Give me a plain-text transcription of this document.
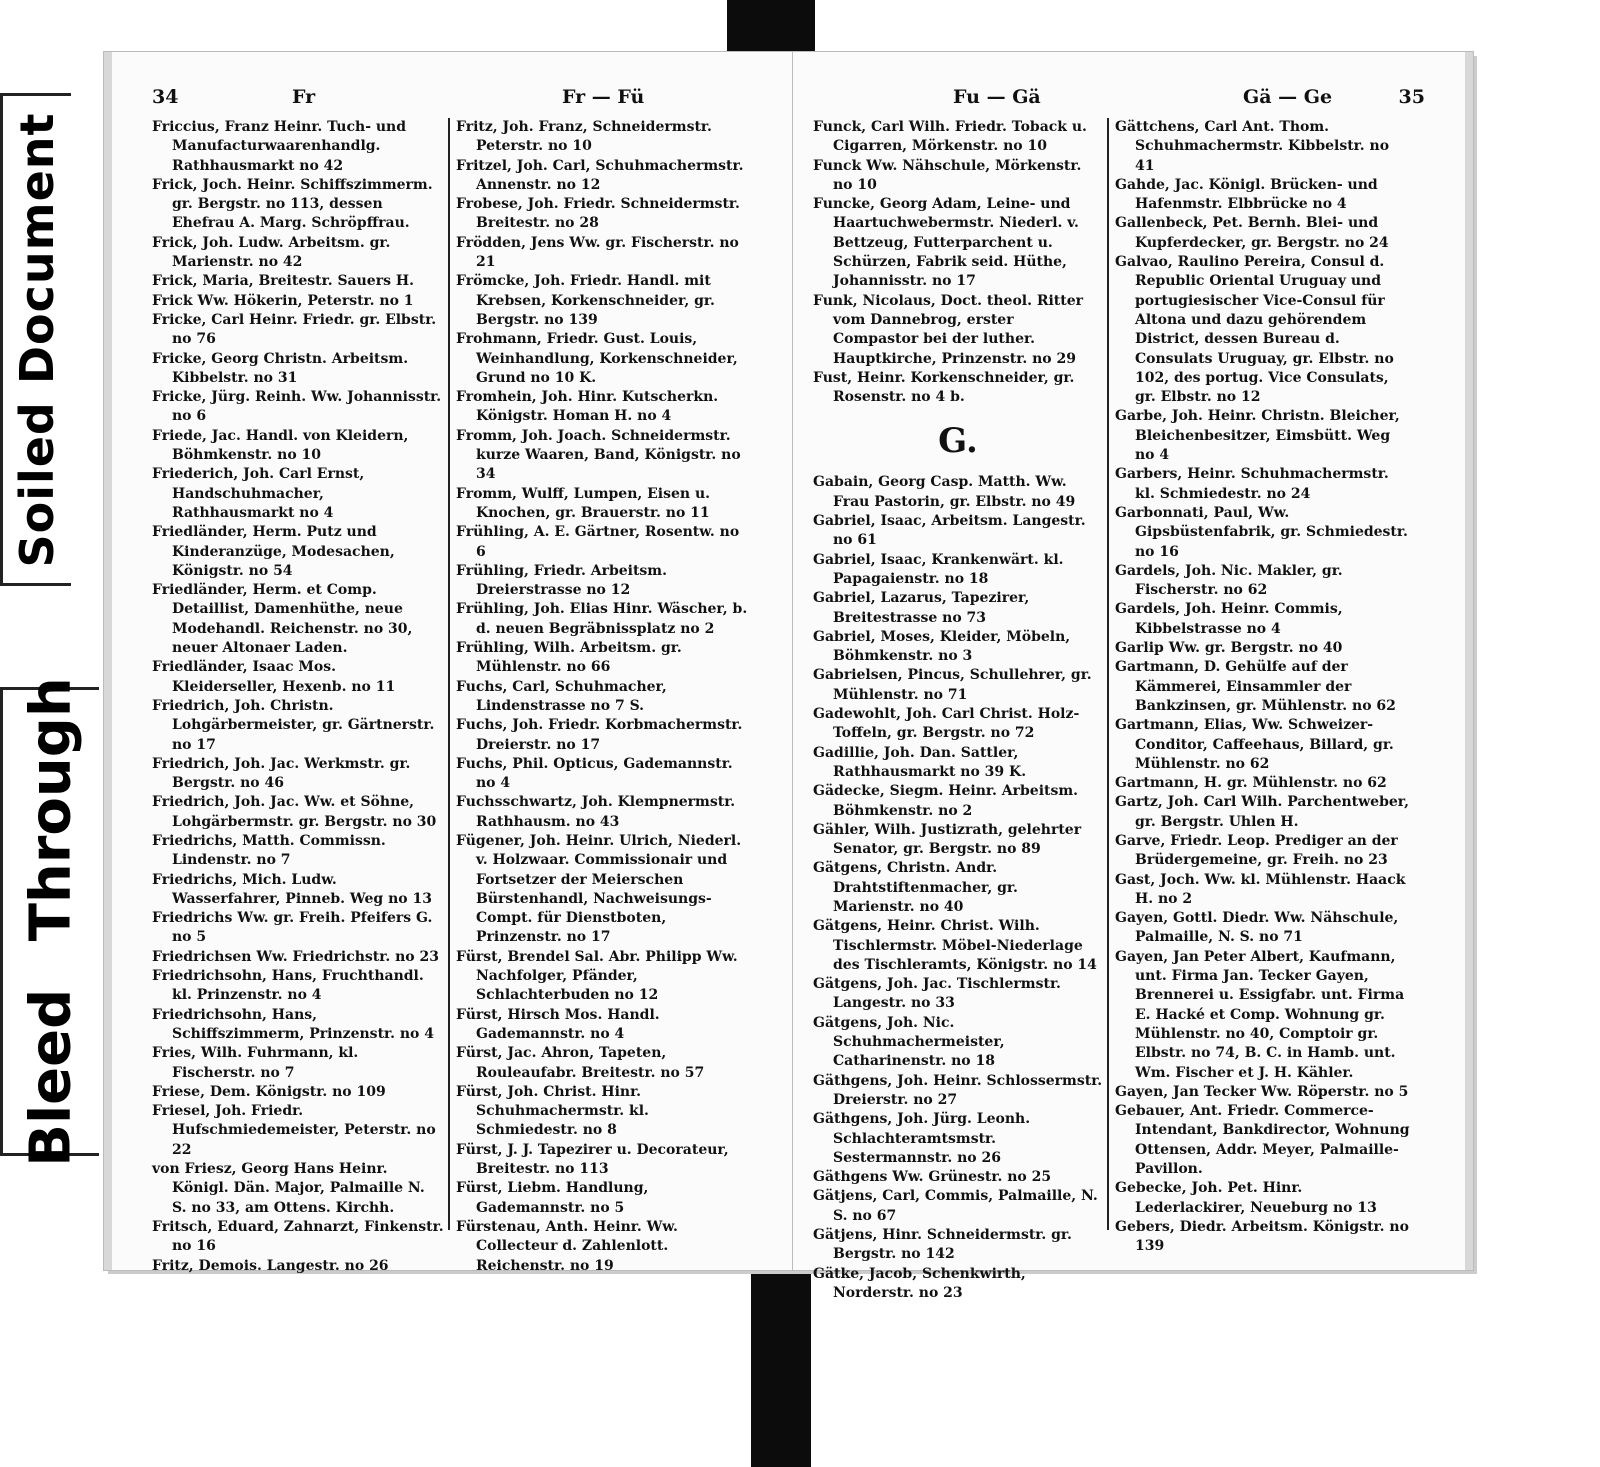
Soiled Document
Bleed Through
34	Fr	Fr — Fü
Friccius, Franz Heinr. Tuch- und Manufacturwaarenhandlg. Rathhausmarkt no 42
Frick, Joch. Heinr. Schiffszimmerm. gr. Bergstr. no 113, dessen Ehefrau A. Marg. Schröpffrau.
Frick, Joh. Ludw. Arbeitsm. gr. Marienstr. no 42
Frick, Maria, Breitestr. Sauers H.
Frick Ww. Hökerin, Peterstr. no 1
Fricke, Carl Heinr. Friedr. gr. Elbstr. no 76
Fricke, Georg Christn. Arbeitsm. Kibbelstr. no 31
Fricke, Jürg. Reinh. Ww. Johannisstr. no 6
Friede, Jac. Handl. von Kleidern, Böhmkenstr. no 10
Friederich, Joh. Carl Ernst, Handschuhmacher, Rathhausmarkt no 4
Friedländer, Herm. Putz und Kinderanzüge, Modesachen, Königstr. no 54
Friedländer, Herm. et Comp. Detaillist, Damenhüthe, neue Modehandl. Reichenstr. no 30, neuer Altonaer Laden.
Friedländer, Isaac Mos. Kleiderseller, Hexenb. no 11
Friedrich, Joh. Christn. Lohgärbermeister, gr. Gärtnerstr. no 17
Friedrich, Joh. Jac. Werkmstr. gr. Bergstr. no 46
Friedrich, Joh. Jac. Ww. et Söhne, Lohgärbermstr. gr. Bergstr. no 30
Friedrichs, Matth. Commissn. Lindenstr. no 7
Friedrichs, Mich. Ludw. Wasserfahrer, Pinneb. Weg no 13
Friedrichs Ww. gr. Freih. Pfeifers G. no 5
Friedrichsen Ww. Friedrichstr. no 23
Friedrichsohn, Hans, Fruchthandl. kl. Prinzenstr. no 4
Friedrichsohn, Hans, Schiffszimmerm, Prinzenstr. no 4
Fries, Wilh. Fuhrmann, kl. Fischerstr. no 7
Friese, Dem. Königstr. no 109
Friesel, Joh. Friedr. Hufschmiedemeister, Peterstr. no 22
von Friesz, Georg Hans Heinr. Königl. Dän. Major, Palmaille N. S. no 33, am Ottens. Kirchh.
Fritsch, Eduard, Zahnarzt, Finkenstr. no 16
Fritz, Demois. Langestr. no 26
Fritz, Joh. Franz, Schneidermstr. Peterstr. no 10
Fritzel, Joh. Carl, Schuhmachermstr. Annenstr. no 12
Frobese, Joh. Friedr. Schneidermstr. Breitestr. no 28
Frödden, Jens Ww. gr. Fischerstr. no 21
Frömcke, Joh. Friedr. Handl. mit Krebsen, Korkenschneider, gr. Bergstr. no 139
Frohmann, Friedr. Gust. Louis, Weinhandlung, Korkenschneider, Grund no 10 K.
Fromhein, Joh. Hinr. Kutscherkn. Königstr. Homan H. no 4
Fromm, Joh. Joach. Schneidermstr. kurze Waaren, Band, Königstr. no 34
Fromm, Wulff, Lumpen, Eisen u. Knochen, gr. Brauerstr. no 11
Frühling, A. E. Gärtner, Rosentw. no 6
Frühling, Friedr. Arbeitsm. Dreierstrasse no 12
Frühling, Joh. Elias Hinr. Wäscher, b. d. neuen Begräbnissplatz no 2
Frühling, Wilh. Arbeitsm. gr. Mühlenstr. no 66
Fuchs, Carl, Schuhmacher, Lindenstrasse no 7 S.
Fuchs, Joh. Friedr. Korbmachermstr. Dreierstr. no 17
Fuchs, Phil. Opticus, Gademannstr. no 4
Fuchsschwartz, Joh. Klempnermstr. Rathhausm. no 43
Fügener, Joh. Heinr. Ulrich, Niederl. v. Holzwaar. Commissionair und Fortsetzer der Meierschen Bürstenhandl, Nachweisungs-Compt. für Dienstboten, Prinzenstr. no 17
Fürst, Brendel Sal. Abr. Philipp Ww. Nachfolger, Pfänder, Schlachterbuden no 12
Fürst, Hirsch Mos. Handl. Gademannstr. no 4
Fürst, Jac. Ahron, Tapeten, Rouleaufabr. Breitestr. no 57
Fürst, Joh. Christ. Hinr. Schuhmachermstr. kl. Schmiedestr. no 8
Fürst, J. J. Tapezirer u. Decorateur, Breitestr. no 113
Fürst, Liebm. Handlung, Gademannstr. no 5
Fürstenau, Anth. Heinr. Ww. Collecteur d. Zahlenlott. Reichenstr. no 19
Fu — Gä	Gä — Ge	35
Funck, Carl Wilh. Friedr. Toback u. Cigarren, Mörkenstr. no 10
Funck Ww. Nähschule, Mörkenstr. no 10
Funcke, Georg Adam, Leine- und Haartuchwebermstr. Niederl. v. Bettzeug, Futterparchent u. Schürzen, Fabrik seid. Hüthe, Johannisstr. no 17
Funk, Nicolaus, Doct. theol. Ritter vom Dannebrog, erster Compastor bei der luther. Hauptkirche, Prinzenstr. no 29
Fust, Heinr. Korkenschneider, gr. Rosenstr. no 4 b.
G.
Gabain, Georg Casp. Matth. Ww. Frau Pastorin, gr. Elbstr. no 49
Gabriel, Isaac, Arbeitsm. Langestr. no 61
Gabriel, Isaac, Krankenwärt. kl. Papagaienstr. no 18
Gabriel, Lazarus, Tapezirer, Breitestrasse no 73
Gabriel, Moses, Kleider, Möbeln, Böhmkenstr. no 3
Gabrielsen, Pincus, Schullehrer, gr. Mühlenstr. no 71
Gadewohlt, Joh. Carl Christ. Holz-Toffeln, gr. Bergstr. no 72
Gadillie, Joh. Dan. Sattler, Rathhausmarkt no 39 K.
Gädecke, Siegm. Heinr. Arbeitsm. Böhmkenstr. no 2
Gähler, Wilh. Justizrath, gelehrter Senator, gr. Bergstr. no 89
Gätgens, Christn. Andr. Drahtstiftenmacher, gr. Marienstr. no 40
Gätgens, Heinr. Christ. Wilh. Tischlermstr. Möbel-Niederlage des Tischleramts, Königstr. no 14
Gätgens, Joh. Jac. Tischlermstr. Langestr. no 33
Gätgens, Joh. Nic. Schuhmachermeister, Catharinenstr. no 18
Gäthgens, Joh. Heinr. Schlossermstr. Dreierstr. no 27
Gäthgens, Joh. Jürg. Leonh. Schlachteramtsmstr. Sestermannstr. no 26
Gäthgens Ww. Grünestr. no 25
Gätjens, Carl, Commis, Palmaille, N. S. no 67
Gätjens, Hinr. Schneidermstr. gr. Bergstr. no 142
Gätke, Jacob, Schenkwirth, Norderstr. no 23
Gättchens, Carl Ant. Thom. Schuhmachermstr. Kibbelstr. no 41
Gahde, Jac. Königl. Brücken- und Hafenmstr. Elbbrücke no 4
Gallenbeck, Pet. Bernh. Blei- und Kupferdecker, gr. Bergstr. no 24
Galvao, Raulino Pereira, Consul d. Republic Oriental Uruguay und portugiesischer Vice-Consul für Altona und dazu gehörendem District, dessen Bureau d. Consulats Uruguay, gr. Elbstr. no 102, des portug. Vice Consulats, gr. Elbstr. no 12
Garbe, Joh. Heinr. Christn. Bleicher, Bleichenbesitzer, Eimsbütt. Weg no 4
Garbers, Heinr. Schuhmachermstr. kl. Schmiedestr. no 24
Garbonnati, Paul, Ww. Gipsbüstenfabrik, gr. Schmiedestr. no 16
Gardels, Joh. Nic. Makler, gr. Fischerstr. no 62
Gardels, Joh. Heinr. Commis, Kibbelstrasse no 4
Garlip Ww. gr. Bergstr. no 40
Gartmann, D. Gehülfe auf der Kämmerei, Einsammler der Bankzinsen, gr. Mühlenstr. no 62
Gartmann, Elias, Ww. Schweizer-Conditor, Caffeehaus, Billard, gr. Mühlenstr. no 62
Gartmann, H. gr. Mühlenstr. no 62
Gartz, Joh. Carl Wilh. Parchentweber, gr. Bergstr. Uhlen H.
Garve, Friedr. Leop. Prediger an der Brüdergemeine, gr. Freih. no 23
Gast, Joch. Ww. kl. Mühlenstr. Haack H. no 2
Gayen, Gottl. Diedr. Ww. Nähschule, Palmaille, N. S. no 71
Gayen, Jan Peter Albert, Kaufmann, unt. Firma Jan. Tecker Gayen, Brennerei u. Essigfabr. unt. Firma E. Hacké et Comp. Wohnung gr. Mühlenstr. no 40, Comptoir gr. Elbstr. no 74, B. C. in Hamb. unt. Wm. Fischer et J. H. Kähler.
Gayen, Jan Tecker Ww. Röperstr. no 5
Gebauer, Ant. Friedr. Commerce-Intendant, Bankdirector, Wohnung Ottensen, Addr. Meyer, Palmaille-Pavillon.
Gebecke, Joh. Pet. Hinr. Lederlackirer, Neueburg no 13
Gebers, Diedr. Arbeitsm. Königstr. no 139
